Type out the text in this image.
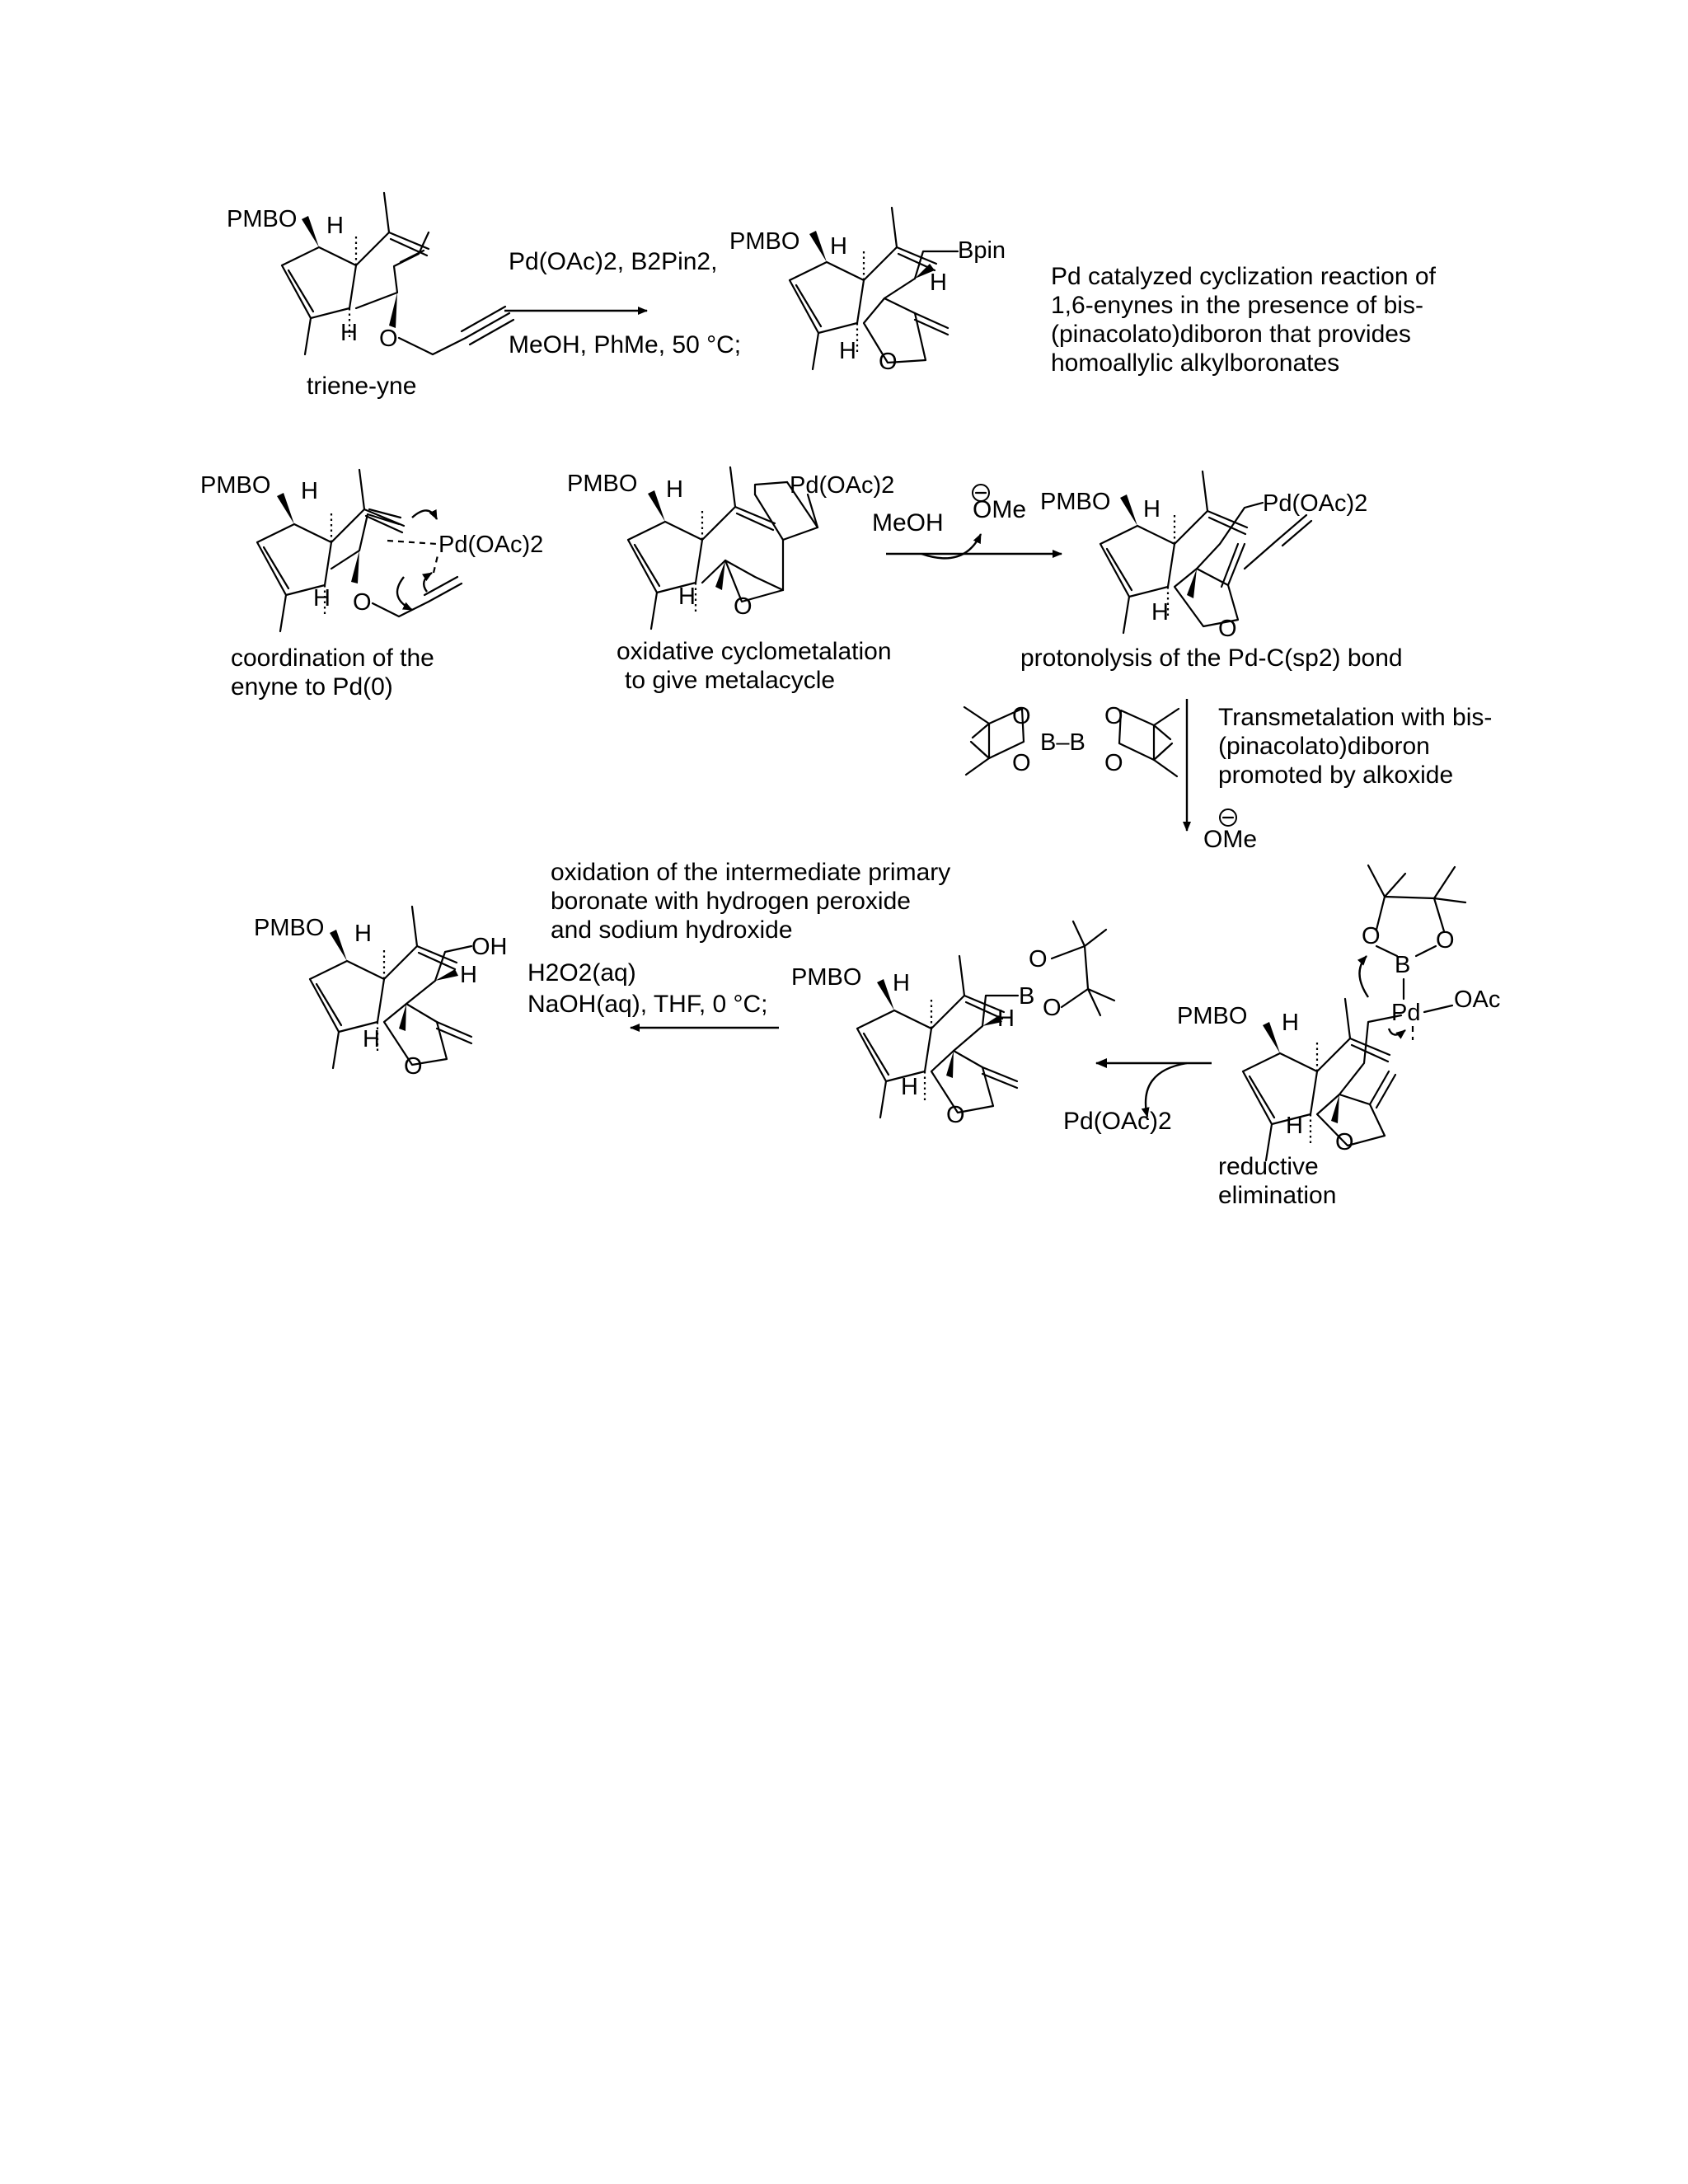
PMBO H
H O
triene-yne
Pd(OAc)2, B2Pin2,
MeOH, PhMe, 50 °C;
PMBO H
H
Bpin
H
O
Pd catalyzed cyclization reaction of
1,6-enynes in the presence of bis-
(pinacolato)diboron that provides
homoallylic alkylboronates
PMBO H
H O
Pd(OAc)2
coordination of the
enyne to Pd(0)
PMBO H
H O
Pd(OAc)2
oxidative cyclometalation
to give metalacycle
MeOH OMe PMBO H
H
O
Pd(OAc)2
protonolysis of the Pd-C(sp2) bond
O
O
O
O
B–B
Transmetalation with bis-
(pinacolato)diboron
promoted by alkoxide
OMe
PMBO H
H
H
OH
O
oxidation of the intermediate primary
boronate with hydrogen peroxide
and sodium hydroxide
H2O2(aq)
NaOH(aq), THF, 0 °C;
PMBO H
H
H
B
O
O
O	Pd(OAc)2
PMBO H
H
O
O O
B
Pd OAc
reductive
elimination
